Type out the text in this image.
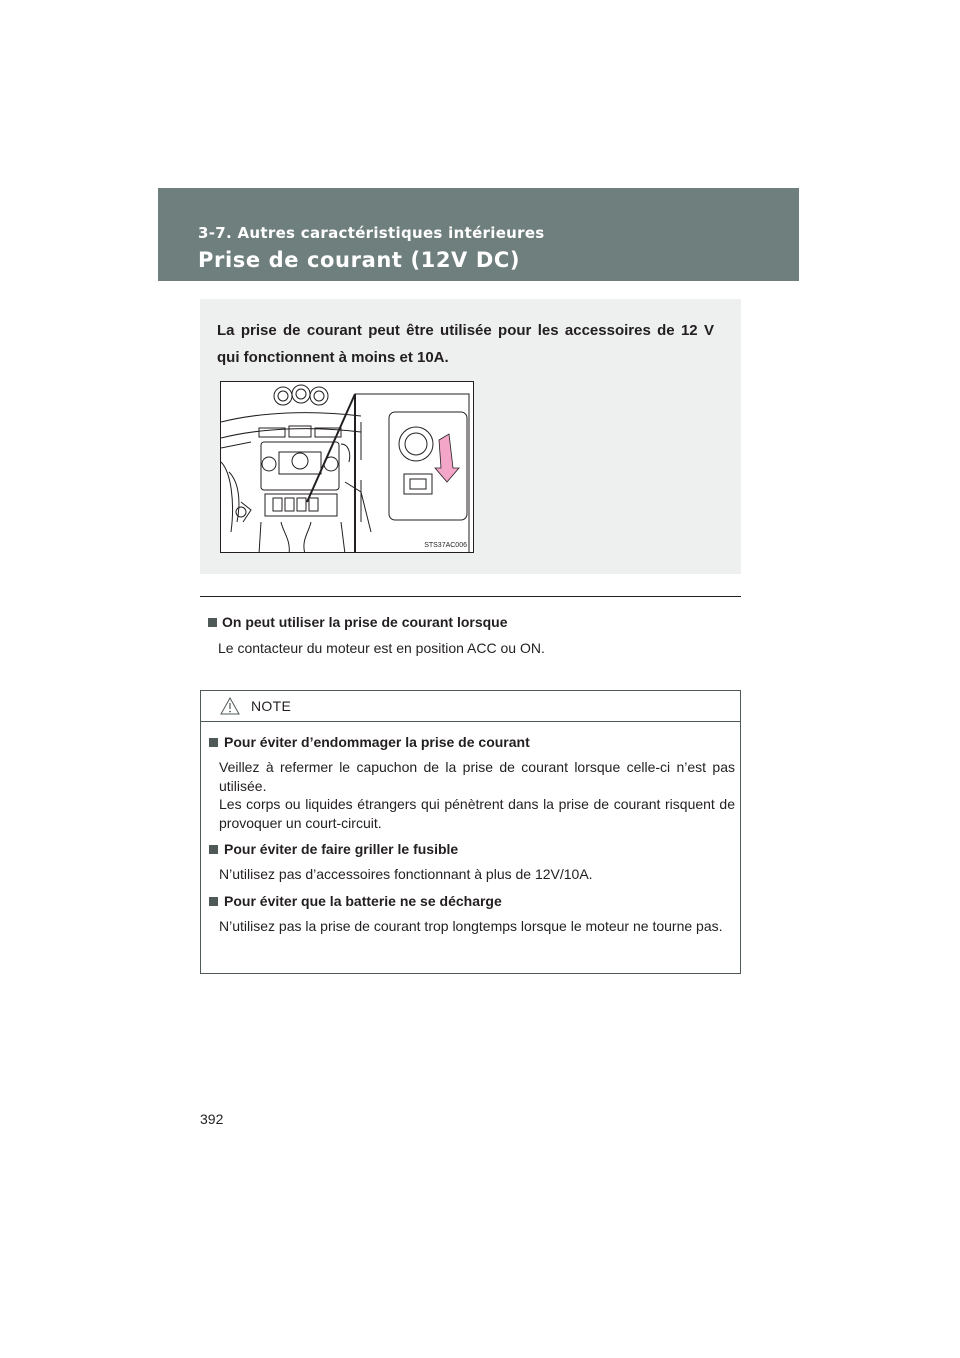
3-7. Autres caractéristiques intérieures
Prise de courant (12V DC)
La prise de courant peut être utilisée pour les accessoires de 12 V qui fonctionnent à moins et 10A.
STS37AC006
On peut utiliser la prise de courant lorsque
Le contacteur du moteur est en position ACC ou ON.
NOTE
Pour éviter d’endommager la prise de courant
Veillez à refermer le capuchon de la prise de courant lorsque celle-ci n’est pas utilisée.
Les corps ou liquides étrangers qui pénètrent dans la prise de courant risquent de provoquer un court-circuit.
Pour éviter de faire griller le fusible
N’utilisez pas d’accessoires fonctionnant à plus de 12V/10A.
Pour éviter que la batterie ne se décharge
N’utilisez pas la prise de courant trop longtemps lorsque le moteur ne tourne pas.
392
